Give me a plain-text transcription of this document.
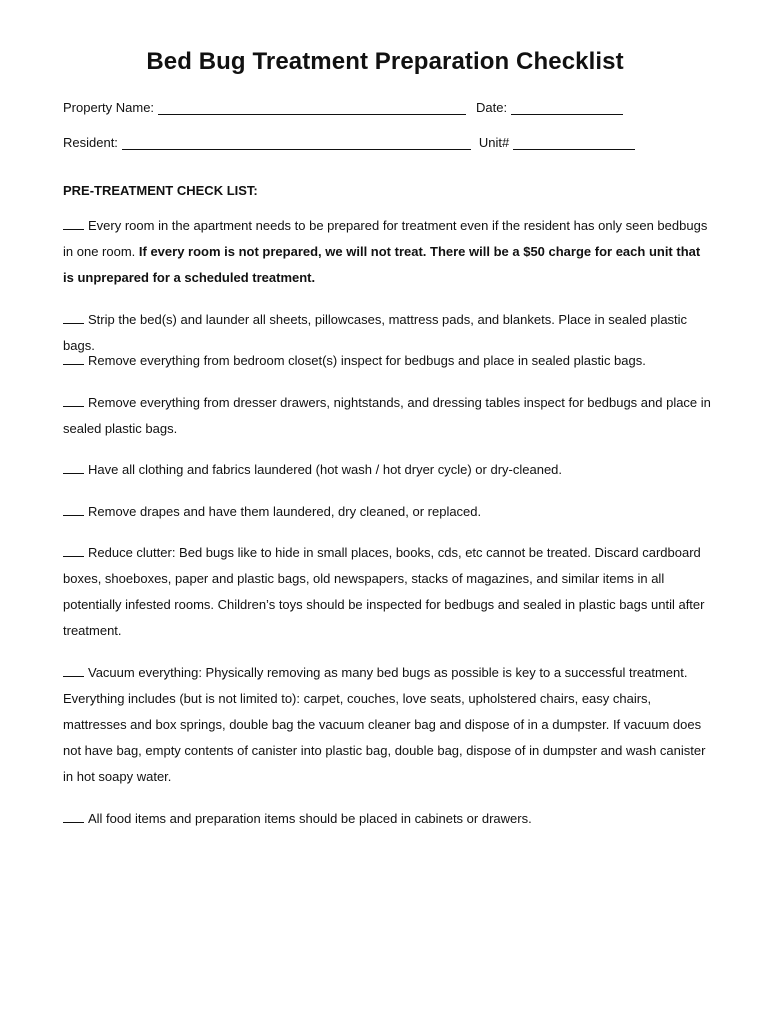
Bed Bug Treatment Preparation Checklist
Property Name:	Date:
Resident:	Unit#
PRE-TREATMENT CHECK LIST:
Every room in the apartment needs to be prepared for treatment even if the resident has only seen bedbugs in one room. If every room is not prepared, we will not treat. There will be a $50 charge for each unit that is unprepared for a scheduled treatment.
Strip the bed(s) and launder all sheets, pillowcases, mattress pads, and blankets. Place in sealed plastic bags.
Remove everything from bedroom closet(s) inspect for bedbugs and place in sealed plastic bags.
Remove everything from dresser drawers, nightstands, and dressing tables inspect for bedbugs and place in sealed plastic bags.
Have all clothing and fabrics laundered (hot wash / hot dryer cycle) or dry-cleaned.
Remove drapes and have them laundered, dry cleaned, or replaced.
Reduce clutter: Bed bugs like to hide in small places, books, cds, etc cannot be treated. Discard cardboard boxes, shoeboxes, paper and plastic bags, old newspapers, stacks of magazines, and similar items in all potentially infested rooms. Children’s toys should be inspected for bedbugs and sealed in plastic bags until after treatment.
Vacuum everything: Physically removing as many bed bugs as possible is key to a successful treatment. Everything includes (but is not limited to): carpet, couches, love seats, upholstered chairs, easy chairs, mattresses and box springs, double bag the vacuum cleaner bag and dispose of in a dumpster. If vacuum does not have bag, empty contents of canister into plastic bag, double bag, dispose of in dumpster and wash canister in hot soapy water.
All food items and preparation items should be placed in cabinets or drawers.
